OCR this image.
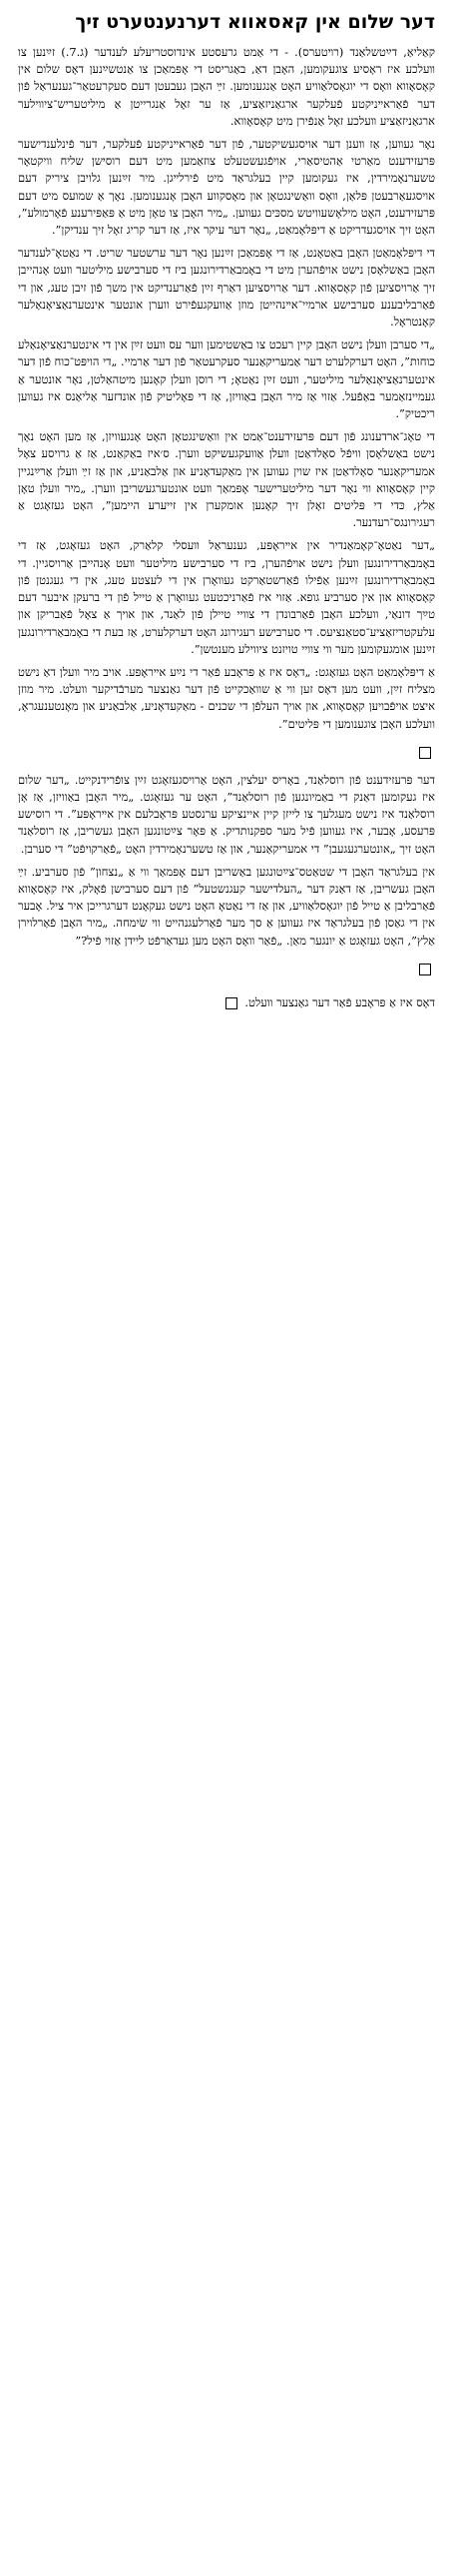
דער שלום אין קאסאווא דערנענטערט זיך

קאַליאַ, דײַטשלאַנד (רױטערס). - די אַמט גרעסטע אינדוסטריעלע לענדער (ג.7.) זײַנען צו װעלכע איז ראָסיע צוגעקומען, האָבן דאַ, באַגריסט די אָפּמאַכן צו אַנטשײַנען דאָס שלום אין קאָסאָווא װאָס די יוגאָסלאַוויע האָט אַנגענומען. זײַ האָבן געבעטן דעם סעקרעטאַר־גענעראַל פֿון דער פֿאַראײניקטע פֿעלקער ארגאַניזאַציע, אַז ער זאָל אַנגרייטן אַ מיליטעריש־ציווילער ארגאַניזאַציע װעלכע זאָל אַנפֿירן מיט קאָסאָווא.

נאָר געװען, אַז װענן דער אויסגעשיקטער, פֿון דער פֿאַראײניקטע פֿעלקער, דער פֿינלענדישער פּרעזידענט מאַרטי אַהטיסאַרי, אויפֿגעשטעלט צוזאַמען מיט דעם רוסישן שליח וויקטאָר טשערנאָמירדין, איז געקומען קיין בעלגראַד מיט פֿירלײגן. מיר זײַנען גלויבן ציריק דעם אויסגעאַרבעטן פּלאַן, װאָס וואַשינגטאָן און מאָסקווע האָבן אָנגענומען. נאָך אַ שמועס מיט דעם פּרעזידענט, האָט מילאָשעוויטש מסכּים געווען. „מיר האָבן צו טאָן מיט אַ פּאַפּירענע פֿאָרמולע”, האָט זיך אויסגעדריקט אַ דיפּלאָמאַט, „נאָר דער עיקר איז, אַז דער קריג זאָל זיך ענדיקן”.

די דיפּלאָמאַטן האָבן באַטאָנט, אַז די אָפּמאַכן זײַנען נאָר דער ערשטער שריט. די נאַטאָ־לענדער האָבן באַשלאָסן נישט אויפֿהערן מיט די באָמבאַרדירונגען ביז די סערבישע מיליטער װעט אָנהייבן זיך אַרויסציִען פֿון קאָסאָווא. דער אַרויסציִען דאַרף זײַן פֿאַרענדיקט אין משך פֿון זיבן טעג, און די פֿאַרבליבענע סערבישע ארמיי־אײנהייטן מוזן אַוועקגעפֿירט ווערן אונטער אינטערנאַציאָנאַלער קאָנטראָל.

„די סערבן װעלן נישט האָבן קיין רעכט צו באַשטימען װער עס װעט זײַן אין די אינטערנאַציאָנאַלע כוחות”, האָט דערקלערט דער אַמעריקאַנער סעקרעטאַר פֿון דער אַרמיי. „די הויפּט־כוח פֿון דער אינטערנאַציאָנאַלער מיליטער, װעט זײַן נאַטאָ; די רוסן װעלן קאָנען מיטהאַלטן, נאָר אונטער אַ געמיינזאַמער באַפֿעל. אַזוי אַז מיר האָבן באַוויזן, אַז די פּאָליטיק פֿון אונדזער אַליאַנס איז געווען ריכטיק”.

די טאָג־ארדענונג פֿון דעם פּרעזידענט־אַמט אין וואַשינגטאָן האָט אָנגעוויזן, אַז מען האָט נאָך נישט באַשלאָסן וויפֿל סאָלדאַטן װעלן אַוועקגעשיקט ווערן. ס׳איז באַקאַנט, אַז אַ גרויסע צאָל אמעריקאַנער סאָלדאַטן איז שוין געווען אין מאַקעדאָניע און אַלבאַניע, און אַז זײַ װעלן אַרײַנגיין קיין קאָסאָווא ווי נאָר דער מיליטערישער אָפּמאַך װעט אונטערגעשריבן ווערן. „מיר װעלן טאָן אַלץ, כּדי די פּליטים זאָלן זיך קאָנען אומקערן אין זייערע היימען”, האָט געזאָגט אַ רעגירונגס־רעדנער.

„דער נאַטאָ־קאָמאַנדיר אין אײראָפּע, גענעראַל װעסלי קלאַרק, האָט געזאָגט, אַז די באָמבאַרדירונגען װעלן נישט אויפֿהערן, ביז די סערבישע מיליטער װעט אָנהייבן אַרויסגיין. די באָמבאַרדירונגען זײַנען אַפֿילו פֿאַרשטאַרקט געוואָרן אין די לעצטע טעג, אין די געגנטן פֿון קאָסאָווא און אין סערביע גופא. אַזוי איז פֿאַרניכטעט געוואָרן אַ טייל פֿון די ברעקן איבער דעם טײַך דונאַי, וועלכע האָבן פֿאַרבונדן די צוויי טיילן פֿון לאַנד, און אויך אַ צאָל פֿאַבריקן און עלעקטריזאַציע־סטאַנציעס. די סערבישע רעגירונג האָט דערקלערט, אַז בעת די באָמבאַרדירונגען זײַנען אומגעקומען מער ווי צוויי טויזנט ציווילע מענטשן”.

אַ דיפּלאָמאַט האָט געזאָגט: „דאָס איז אַ פּראָבע פֿאַר די נײַע אײראָפּע. אויב מיר װעלן דאַ נישט מצליח זײַן, װעט מען דאָס זען ווי אַ שוואַכקייט פֿון דער גאַנצער מערבֿדיקער וועלט. מיר מוזן איצט אויפֿבויען קאָסאָווא, און אויך העלפֿן די שכנים - מאַקעדאָניע, אַלבאַניע און מאָנטענעגראָ, וועלכע האָבן צוגענומען די פּליטים”.

דער פּרעזידענט פֿון רוסלאַנד, באָריס יעלצין, האָט אַרויסגעזאָגט זײַן צופֿרידנקייט. „דער שלום איז געקומען דאַנק די באַמיונגען פֿון רוסלאַנד”, האָט ער געזאָגט. „מיר האָבן באַוויזן, אַז אָן רוסלאַנד איז נישט מעגלעך צו לייזן קיין איינציקע ערנסטע פּראָבלעם אין אײראָפּע”. די רוסישע פּרעסע, אָבער, איז געווען פֿיל מער ספּקנותדיק. אַ פּאָר צײַטונגען האָבן געשריבן, אַז רוסלאַנד האָט זיך „אונטערגעגעבן” די אמעריקאַנער, און אַז טשערנאָמירדין האָט „פֿאַרקויפֿט” די סערבן.

אין בעלגראַד האָבן די שטאַטס־צײַטונגען באַשריבן דעם אָפּמאַך ווי אַ „נצחון” פֿון סערביע. זײַ האָבן געשריבן, אַז דאַנק דער „העלדישער קעגנשטעל” פֿון דעם סערבישן פֿאָלק, איז קאָסאָווא פֿאַרבליבן אַ טייל פֿון יוגאָסלאַוויע, און אַז די נאַטאָ האָט נישט געקאָנט דערגרייכן איר ציל. אָבער אין די גאַסן פֿון בעלגראַד איז געווען אַ סך מער פֿאַרלעגנהייט ווי שׂימחה. „מיר האָבן פֿאַרלוירן אַלץ”, האָט געזאָגט אַ יונגער מאַן. „פֿאַר וואָס האָט מען געדאַרפֿט ליידן אַזוי פֿיל?”

דאָס איז אַ פּראָבע פֿאַר דער גאַנצער וועלט.
